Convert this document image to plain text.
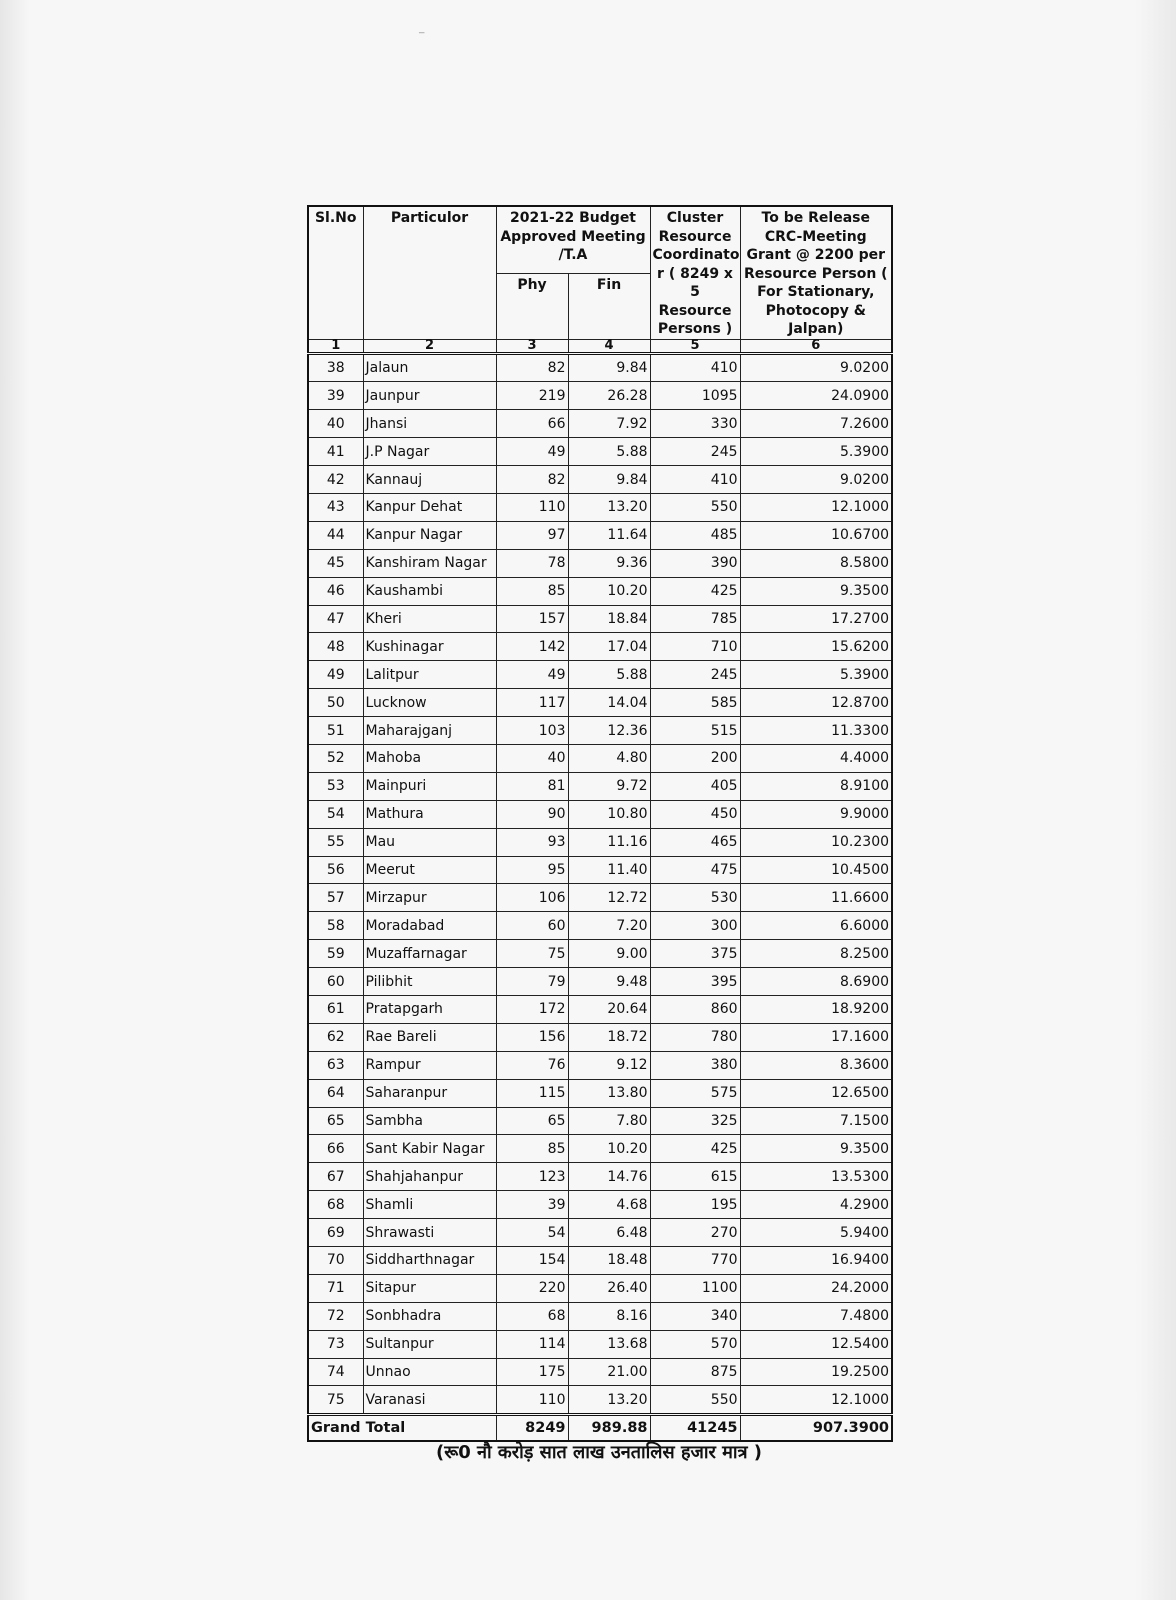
⁻
Sl.No	Particulor	2021-22 Budget Approved Meeting /T.A		Cluster Resource Coordinato r ( 8249 x 5 Resource Persons )	To be Release CRC-Meeting Grant @ 2200 per Resource Person ( For Stationary, Photocopy & Jalpan)
		Phy	Fin		
1	2	3	4	5	6
38	Jalaun	82	9.84	410	9.0200
39	Jaunpur	219	26.28	1095	24.0900
40	Jhansi	66	7.92	330	7.2600
41	J.P Nagar	49	5.88	245	5.3900
42	Kannauj	82	9.84	410	9.0200
43	Kanpur Dehat	110	13.20	550	12.1000
44	Kanpur Nagar	97	11.64	485	10.6700
45	Kanshiram Nagar	78	9.36	390	8.5800
46	Kaushambi	85	10.20	425	9.3500
47	Kheri	157	18.84	785	17.2700
48	Kushinagar	142	17.04	710	15.6200
49	Lalitpur	49	5.88	245	5.3900
50	Lucknow	117	14.04	585	12.8700
51	Maharajganj	103	12.36	515	11.3300
52	Mahoba	40	4.80	200	4.4000
53	Mainpuri	81	9.72	405	8.9100
54	Mathura	90	10.80	450	9.9000
55	Mau	93	11.16	465	10.2300
56	Meerut	95	11.40	475	10.4500
57	Mirzapur	106	12.72	530	11.6600
58	Moradabad	60	7.20	300	6.6000
59	Muzaffarnagar	75	9.00	375	8.2500
60	Pilibhit	79	9.48	395	8.6900
61	Pratapgarh	172	20.64	860	18.9200
62	Rae Bareli	156	18.72	780	17.1600
63	Rampur	76	9.12	380	8.3600
64	Saharanpur	115	13.80	575	12.6500
65	Sambha	65	7.80	325	7.1500
66	Sant Kabir Nagar	85	10.20	425	9.3500
67	Shahjahanpur	123	14.76	615	13.5300
68	Shamli	39	4.68	195	4.2900
69	Shrawasti	54	6.48	270	5.9400
70	Siddharthnagar	154	18.48	770	16.9400
71	Sitapur	220	26.40	1100	24.2000
72	Sonbhadra	68	8.16	340	7.4800
73	Sultanpur	114	13.68	570	12.5400
74	Unnao	175	21.00	875	19.2500
75	Varanasi	110	13.20	550	12.1000
Grand Total		8249	989.88	41245	907.3900
(रू0 नौ करोड़ सात लाख उनतालिस हजार मात्र )
